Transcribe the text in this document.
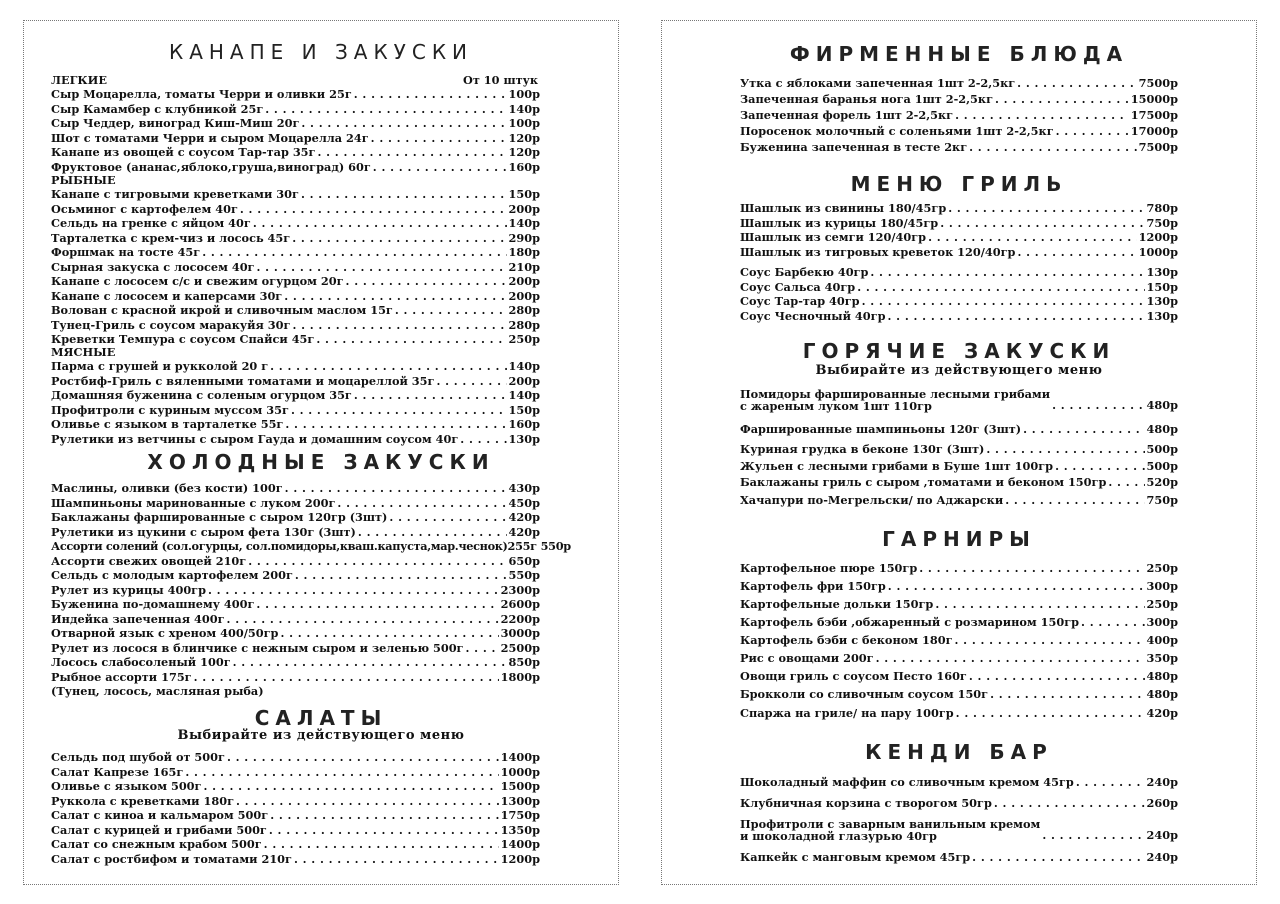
КАНАПЕ И ЗАКУСКИ
ЛЕГКИЕ	От 10 штук
Сыр Моцарелла, томаты Черри и оливки 25г . . .	100р
Сыр Камамбер с клубникой 25г . . .	140р
Сыр Чеддер, виноград Киш-Миш 20г . . .	100р
Шот с томатами Черри и сыром Моцарелла 24г . . .	120р
Канапе из овощей с соусом Тар-тар 35г . . .	120р
Фруктовое (ананас,яблоко,груша,виноград) 60г . . .	160р
РЫБНЫЕ
Канапе с тигровыми креветками 30г . . .	150р
Осьминог с картофелем 40г . . .	200р
Сельдь на гренке с яйцом 40г . . .	140р
Тарталетка с крем-чиз и лосось 45г . . .	290р
Форшмак на тосте 45г . . .	180р
Сырная закуска с лососем 40г . . .	210р
Канапе с лососем с/с и свежим огурцом 20г . . .	200р
Канапе с лососем и каперсами 30г . . .	200р
Волован с красной икрой и сливочным маслом 15г . . .	280р
Тунец-Гриль с соусом маракуйя 30г . . .	280р
Креветки Темпура с соусом Спайси 45г . . .	250р
МЯСНЫЕ
Парма с грушей и рукколой 20 г . . .	140р
Ростбиф-Гриль с вяленными томатами и моцареллой 35г . . .	200р
Домашняя буженина с соленым огурцом 35г . . .	140р
Профитроли с куриным муссом 35г . . .	150р
Оливье с языком в тарталетке 55г . . .	160р
Рулетики из ветчины с сыром Гауда и домашним соусом 40г . . .	130р
ХОЛОДНЫЕ ЗАКУСКИ
Маслины, оливки (без кости) 100г . . .	430р
Шампиньоны маринованные с луком 200г . . .	450р
Баклажаны фаршированные с сыром 120гр (3шт) . . .	420р
Рулетики из цукини с сыром фета 130г (3шт) . . .	420р
Ассорти солений (сол.огурцы, сол.помидоры,кваш.капуста,мар.чеснок)255г 550р
Ассорти свежих овощей 210г . . .	650р
Сельдь с молодым картофелем 200г . . .	550р
Рулет из курицы 400гр . . .	2300р
Буженина по-домашнему 400г . . .	2600р
Индейка запеченная 400г . . .	2200р
Отварной язык с хреном 400/50гр . . .	3000р
Рулет из лосося в блинчике с нежным сыром и зеленью 500г . . .	2500р
Лосось слабосоленый 100г . . .	850р
Рыбное ассорти 175г . . .	1800р
(Тунец, лосось, масляная рыба)
САЛАТЫ
Выбирайте из действующего меню
Сельдь под шубой от 500г . . .	1400р
Салат Капрезе 165г . . .	1000р
Оливье с языком 500г . . .	1500р
Руккола с креветками 180г . . .	1300р
Салат с киноа и кальмаром 500г . . .	1750р
Салат с курицей и грибами 500г . . .	1350р
Салат со снежным крабом 500г . . .	1400р
Салат с ростбифом и томатами 210г . . .	1200р
ФИРМЕННЫЕ БЛЮДА
Утка с яблоками запеченная 1шт 2-2,5кг . . .	7500р
Запеченная баранья нога 1шт 2-2,5кг . . .	15000р
Запеченная форель 1шт 2-2,5кг . . .	17500р
Поросенок молочный с соленьями 1шт 2-2,5кг . . .	17000р
Буженина запеченная в тесте 2кг . . .	7500р
МЕНЮ ГРИЛЬ
Шашлык из свинины 180/45гр . . .	780р
Шашлык из курицы 180/45гр . . .	750р
Шашлык из семги 120/40гр . . .	1200р
Шашлык из тигровых креветок 120/40гр . . .	1000р
Соус Барбекю 40гр . . .	130р
Соус Сальса 40гр . . .	150р
Соус Тар-тар 40гр . . .	130р
Соус Чесночный 40гр . . .	130р
ГОРЯЧИЕ ЗАКУСКИ
Выбирайте из действующего меню
Помидоры фаршированные лесными грибами
с жареным луком 1шт 110гр . . .	480р
Фаршированные шампиньоны 120г (3шт) . . .	480р
Куриная грудка в беконе 130г (3шт) . . .	500р
Жульен с лесными грибами в Буше 1шт 100гр . . .	500р
Баклажаны гриль с сыром ,томатами и беконом 150гр . . .	520р
Хачапури по-Мегрельски/ по Аджарски . . .	750р
ГАРНИРЫ
Картофельное пюре 150гр . . .	250р
Картофель фри 150гр . . .	300р
Картофельные дольки 150гр . . .	250р
Картофель бэби ,обжаренный с розмарином 150гр . . .	300р
Картофель бэби с беконом 180г . . .	400р
Рис с овощами 200г . . .	350р
Овощи гриль с соусом Песто 160г . . .	480р
Брокколи со сливочным соусом 150г . . .	480р
Спаржа на гриле/ на пару 100гр . . .	420р
КЕНДИ БАР
Шоколадный маффин со сливочным кремом 45гр . . .	240р
Клубничная корзина с творогом 50гр . . .	260р
Профитроли с заварным ванильным кремом
и шоколадной глазурью 40гр . . .	240р
Капкейк с манговым кремом 45гр . . .	240р
